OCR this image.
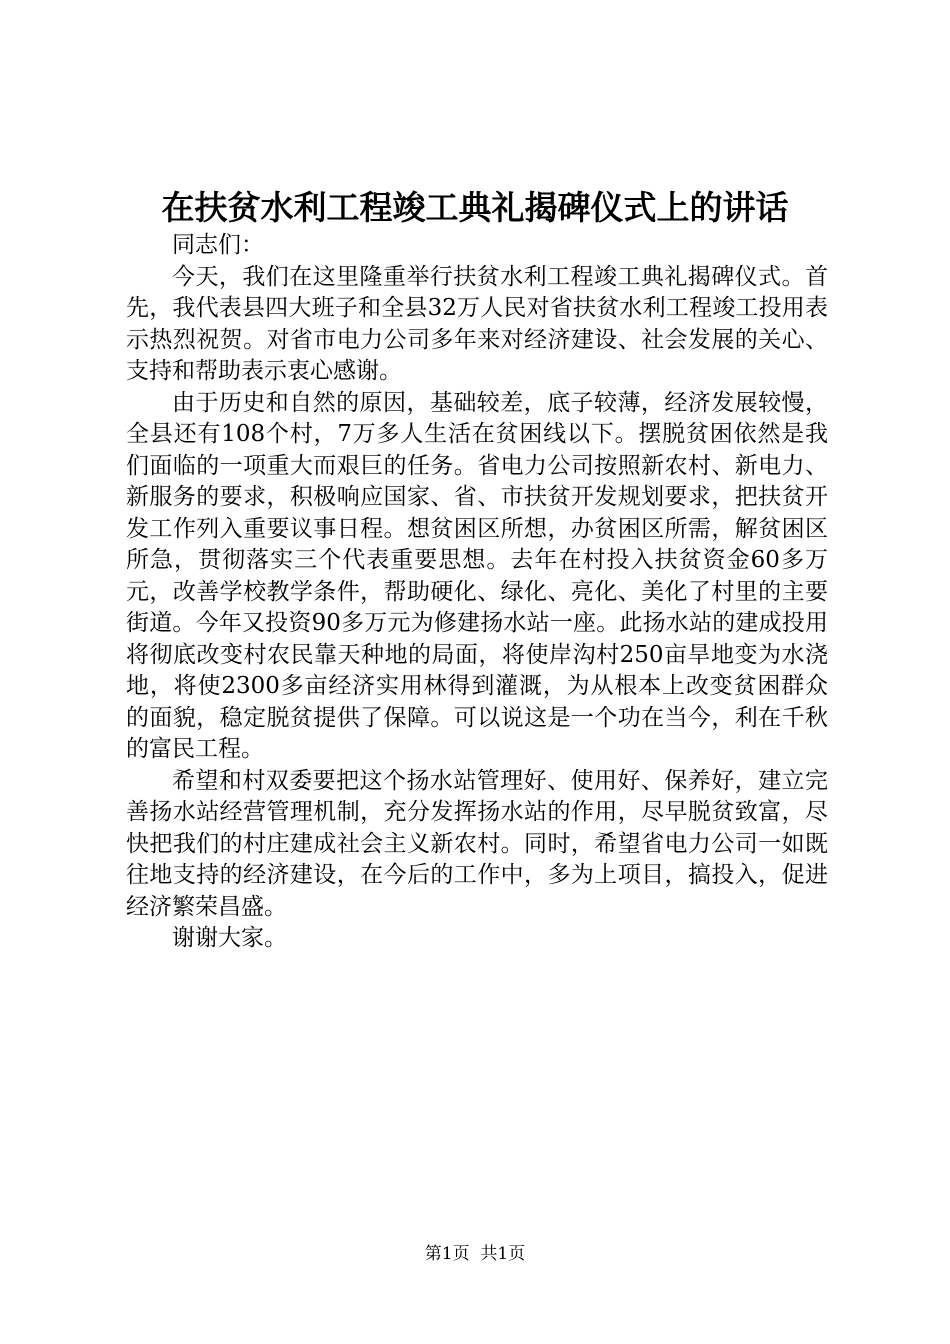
在扶贫水利工程竣工典礼揭碑仪式上的讲话

同志们：

今天，我们在这里隆重举行扶贫水利工程竣工典礼揭碑仪式。首先，我代表县四大班子和全县32万人民对省扶贫水利工程竣工投用表示热烈祝贺。对省市电力公司多年来对经济建设、社会发展的关心、支持和帮助表示衷心感谢。

由于历史和自然的原因，基础较差，底子较薄，经济发展较慢，全县还有108个村，7万多人生活在贫困线以下。摆脱贫困依然是我们面临的一项重大而艰巨的任务。省电力公司按照新农村、新电力、新服务的要求，积极响应国家、省、市扶贫开发规划要求，把扶贫开发工作列入重要议事日程。想贫困区所想，办贫困区所需，解贫困区所急，贯彻落实三个代表重要思想。去年在村投入扶贫资金60多万元，改善学校教学条件，帮助硬化、绿化、亮化、美化了村里的主要街道。今年又投资90多万元为修建扬水站一座。此扬水站的建成投用将彻底改变村农民靠天种地的局面，将使岸沟村250亩旱地变为水浇地，将使2300多亩经济实用林得到灌溉，为从根本上改变贫困群众的面貌，稳定脱贫提供了保障。可以说这是一个功在当今，利在千秋的富民工程。

希望和村双委要把这个扬水站管理好、使用好、保养好，建立完善扬水站经营管理机制，充分发挥扬水站的作用，尽早脱贫致富，尽快把我们的村庄建成社会主义新农村。同时，希望省电力公司一如既往地支持的经济建设，在今后的工作中，多为上项目，搞投入，促进经济繁荣昌盛。

谢谢大家。

第1页 共1页
